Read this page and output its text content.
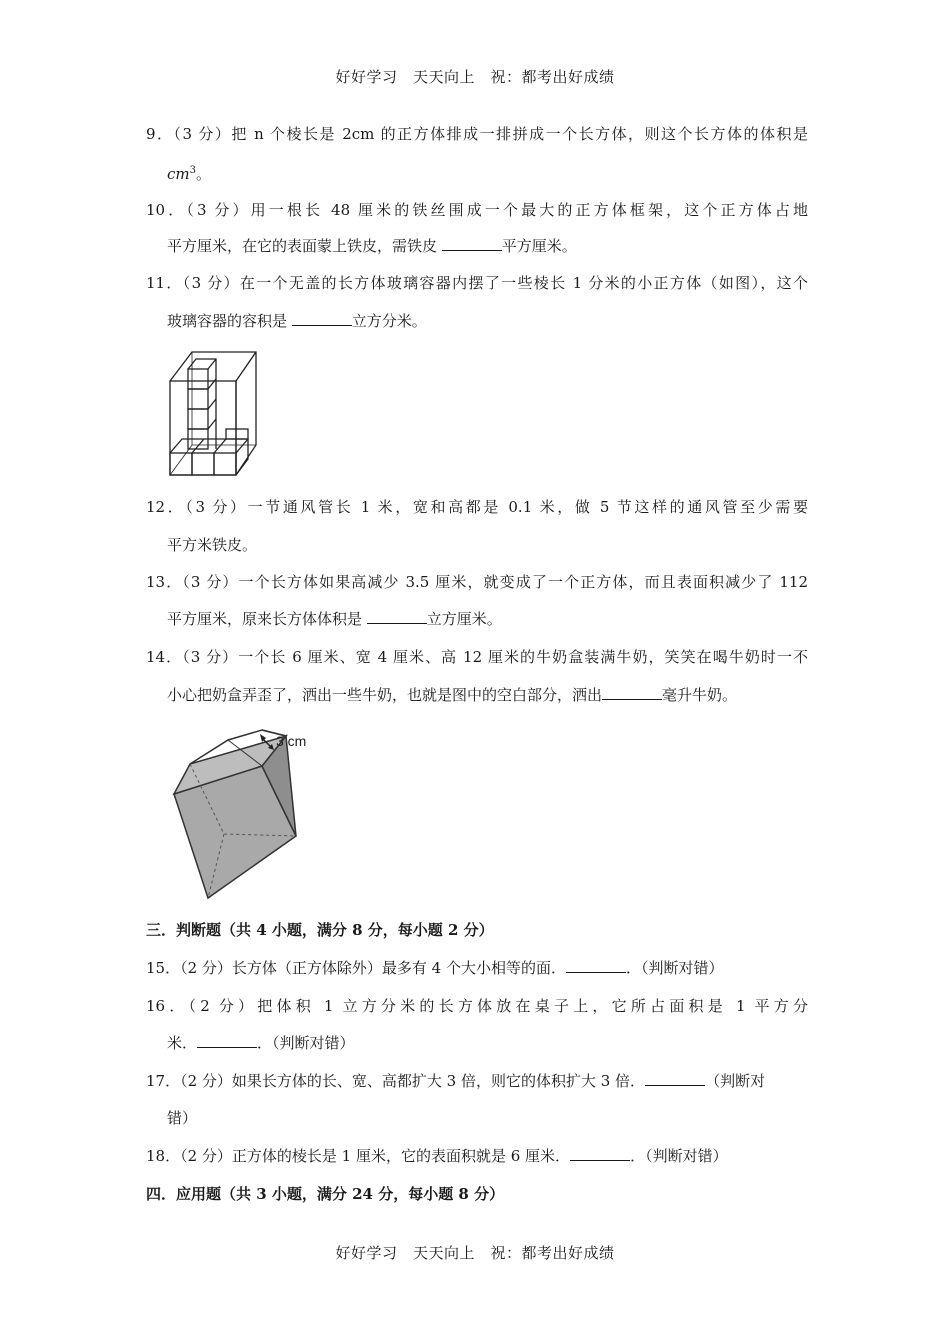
好好学习　天天向上　祝：都考出好成绩
9．（3 分）把 n 个棱长是 2cm 的正方体排成一排拼成一个长方体，则这个长方体的体积是
$cm^3$。
10．（3 分）用一根长 48 厘米的铁丝围成一个最大的正方体框架，这个正方体占地
平方厘米，在它的表面蒙上铁皮，需铁皮	平方厘米。
11．（3 分）在一个无盖的长方体玻璃容器内摆了一些棱长 1 分米的小正方体（如图），这个
玻璃容器的容积是	立方分米。
12．（3 分）一节通风管长 1 米，宽和高都是 0.1 米，做 5 节这样的通风管至少需要
平方米铁皮。
13．（3 分）一个长方体如果高减少 3.5 厘米，就变成了一个正方体，而且表面积减少了 112
平方厘米，原来长方体体积是	立方厘米。
14．（3 分）一个长 6 厘米、宽 4 厘米、高 12 厘米的牛奶盒装满牛奶，笑笑在喝牛奶时一不
小心把奶盒弄歪了，洒出一些牛奶，也就是图中的空白部分，洒出	毫升牛奶。
3 cm
三．判断题（共 4 小题，满分 8 分，每小题 2 分）
15．（2 分）长方体（正方体除外）最多有 4 个大小相等的面．	．（判断对错）
16．（2 分）把体积 1 立方分米的长方体放在桌子上，它所占面积是 1 平方分
米．	．（判断对错）
17．（2 分）如果长方体的长、宽、高都扩大 3 倍，则它的体积扩大 3 倍．	（判断对
错）
18．（2 分）正方体的棱长是 1 厘米，它的表面积就是 6 厘米．	．（判断对错）
四．应用题（共 3 小题，满分 24 分，每小题 8 分）
好好学习　天天向上　祝：都考出好成绩
